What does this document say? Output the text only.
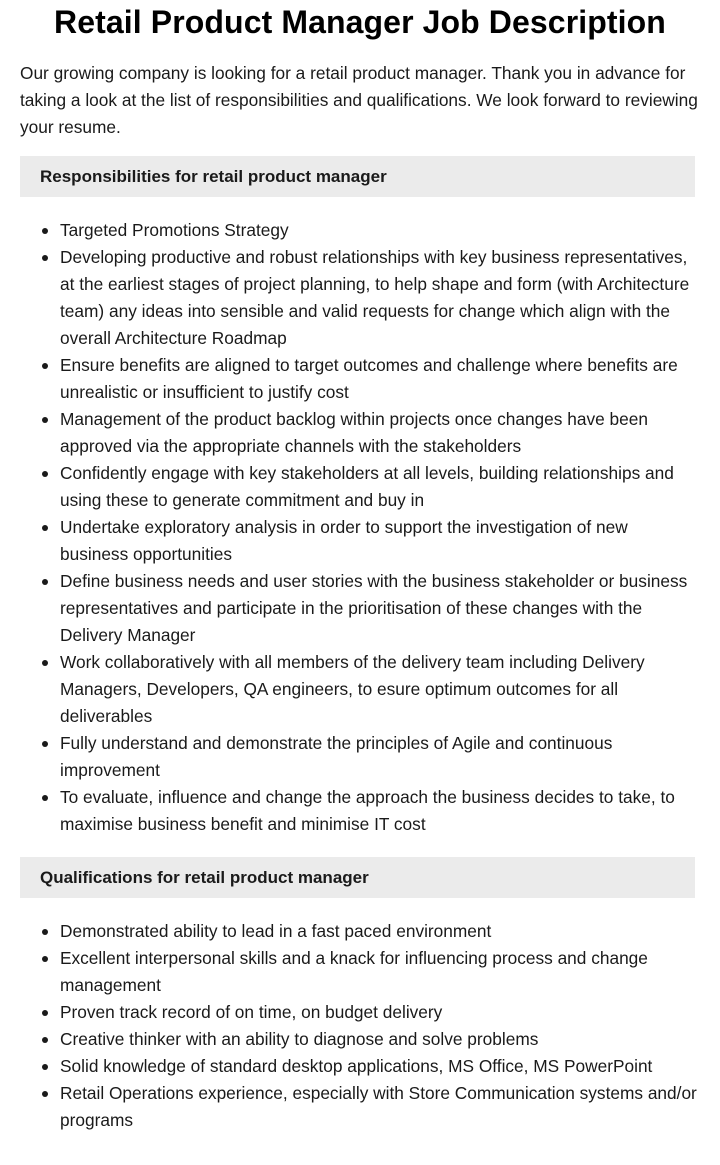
Retail Product Manager Job Description

Our growing company is looking for a retail product manager. Thank you in advance for taking a look at the list of responsibilities and qualifications. We look forward to reviewing your resume.

Responsibilities for retail product manager
Targeted Promotions Strategy
Developing productive and robust relationships with key business representatives, at the earliest stages of project planning, to help shape and form (with Architecture team) any ideas into sensible and valid requests for change which align with the overall Architecture Roadmap
Ensure benefits are aligned to target outcomes and challenge where benefits are unrealistic or insufficient to justify cost
Management of the product backlog within projects once changes have been approved via the appropriate channels with the stakeholders
Confidently engage with key stakeholders at all levels, building relationships and using these to generate commitment and buy in
Undertake exploratory analysis in order to support the investigation of new business opportunities
Define business needs and user stories with the business stakeholder or business representatives and participate in the prioritisation of these changes with the Delivery Manager
Work collaboratively with all members of the delivery team including Delivery Managers, Developers, QA engineers, to esure optimum outcomes for all deliverables
Fully understand and demonstrate the principles of Agile and continuous improvement
To evaluate, influence and change the approach the business decides to take, to maximise business benefit and minimise IT cost
Qualifications for retail product manager
Demonstrated ability to lead in a fast paced environment
Excellent interpersonal skills and a knack for influencing process and change management
Proven track record of on time, on budget delivery
Creative thinker with an ability to diagnose and solve problems
Solid knowledge of standard desktop applications, MS Office, MS PowerPoint
Retail Operations experience, especially with Store Communication systems and/or programs
